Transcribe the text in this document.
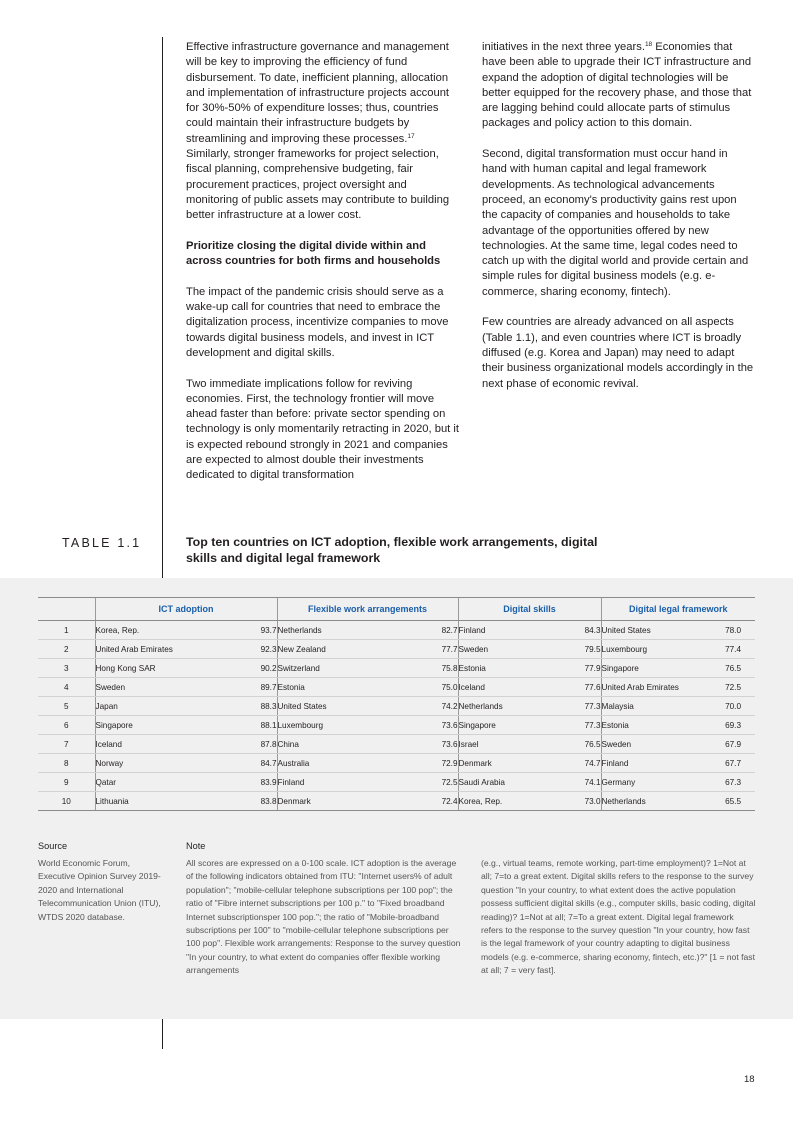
Effective infrastructure governance and management will be key to improving the efficiency of fund disbursement. To date, inefficient planning, allocation and implementation of infrastructure projects account for 30%-50% of expenditure losses; thus, countries could maintain their infrastructure budgets by streamlining and improving these processes.$^{17}$ Similarly, stronger frameworks for project selection, fiscal planning, comprehensive budgeting, fair procurement practices, project oversight and monitoring of public assets may contribute to building better infrastructure at a lower cost.

Prioritize closing the digital divide within and across countries for both firms and households

The impact of the pandemic crisis should serve as a wake-up call for countries that need to embrace the digitalization process, incentivize companies to move towards digital business models, and invest in ICT development and digital skills.

Two immediate implications follow for reviving economies. First, the technology frontier will move ahead faster than before: private sector spending on technology is only momentarily retracting in 2020, but it is expected rebound strongly in 2021 and companies are expected to almost double their investments dedicated to digital transformation

initiatives in the next three years.$^{18}$ Economies that have been able to upgrade their ICT infrastructure and expand the adoption of digital technologies will be better equipped for the recovery phase, and those that are lagging behind could allocate parts of stimulus packages and policy action to this domain.

Second, digital transformation must occur hand in hand with human capital and legal framework developments. As technological advancements proceed, an economy's productivity gains rest upon the capacity of companies and households to take advantage of the opportunities offered by new technologies. At the same time, legal codes need to catch up with the digital world and provide certain and simple rules for digital business models (e.g. e-commerce, sharing economy, fintech).

Few countries are already advanced on all aspects (Table 1.1), and even countries where ICT is broadly diffused (e.g. Korea and Japan) may need to adapt their business organizational models accordingly in the next phase of economic revival.

TABLE 1.1	Top ten countries on ICT adoption, flexible work arrangements, digital skills and digital legal framework
	ICT adoption		Flexible work arrangements		Digital skills		Digital legal framework	
1	Korea, Rep.	93.7	Netherlands	82.7	Finland	84.3	United States	78.0
2	United Arab Emirates	92.3	New Zealand	77.7	Sweden	79.5	Luxembourg	77.4
3	Hong Kong SAR	90.2	Switzerland	75.8	Estonia	77.9	Singapore	76.5
4	Sweden	89.7	Estonia	75.0	Iceland	77.6	United Arab Emirates	72.5
5	Japan	88.3	United States	74.2	Netherlands	77.3	Malaysia	70.0
6	Singapore	88.1	Luxembourg	73.6	Singapore	77.3	Estonia	69.3
7	Iceland	87.8	China	73.6	Israel	76.5	Sweden	67.9
8	Norway	84.7	Australia	72.9	Denmark	74.7	Finland	67.7
9	Qatar	83.9	Finland	72.5	Saudi Arabia	74.1	Germany	67.3
10	Lithuania	83.8	Denmark	72.4	Korea, Rep.	73.0	Netherlands	65.5
Source
World Economic Forum, Executive Opinion Survey 2019-2020 and International Telecommunication Union (ITU), WTDS 2020 database.
Note
All scores are expressed on a 0-100 scale. ICT adoption is the average of the following indicators obtained from ITU: "Internet users% of adult population"; "mobile-cellular telephone subscriptions per 100 pop"; the ratio of "Fibre internet subscriptions per 100 p." to "Fixed broadband Internet subscriptionsper 100 pop."; the ratio of "Mobile-broadband subscriptions per 100" to "mobile-cellular telephone subscriptions per 100 pop". Flexible work arrangements: Response to the survey question "In your country, to what extent do companies offer flexible working arrangements
(e.g., virtual teams, remote working, part-time employment)? 1=Not at all; 7=to a great extent. Digital skills refers to the response to the survey question "In your country, to what extent does the active population possess sufficient digital skills (e.g., computer skills, basic coding, digital reading)? 1=Not at all; 7=To a great extent. Digital legal framework refers to the response to the survey question "In your country, how fast is the legal framework of your country adapting to digital business models (e.g. e-commerce, sharing economy, fintech, etc.)?" [1 = not fast at all; 7 = very fast].
18
